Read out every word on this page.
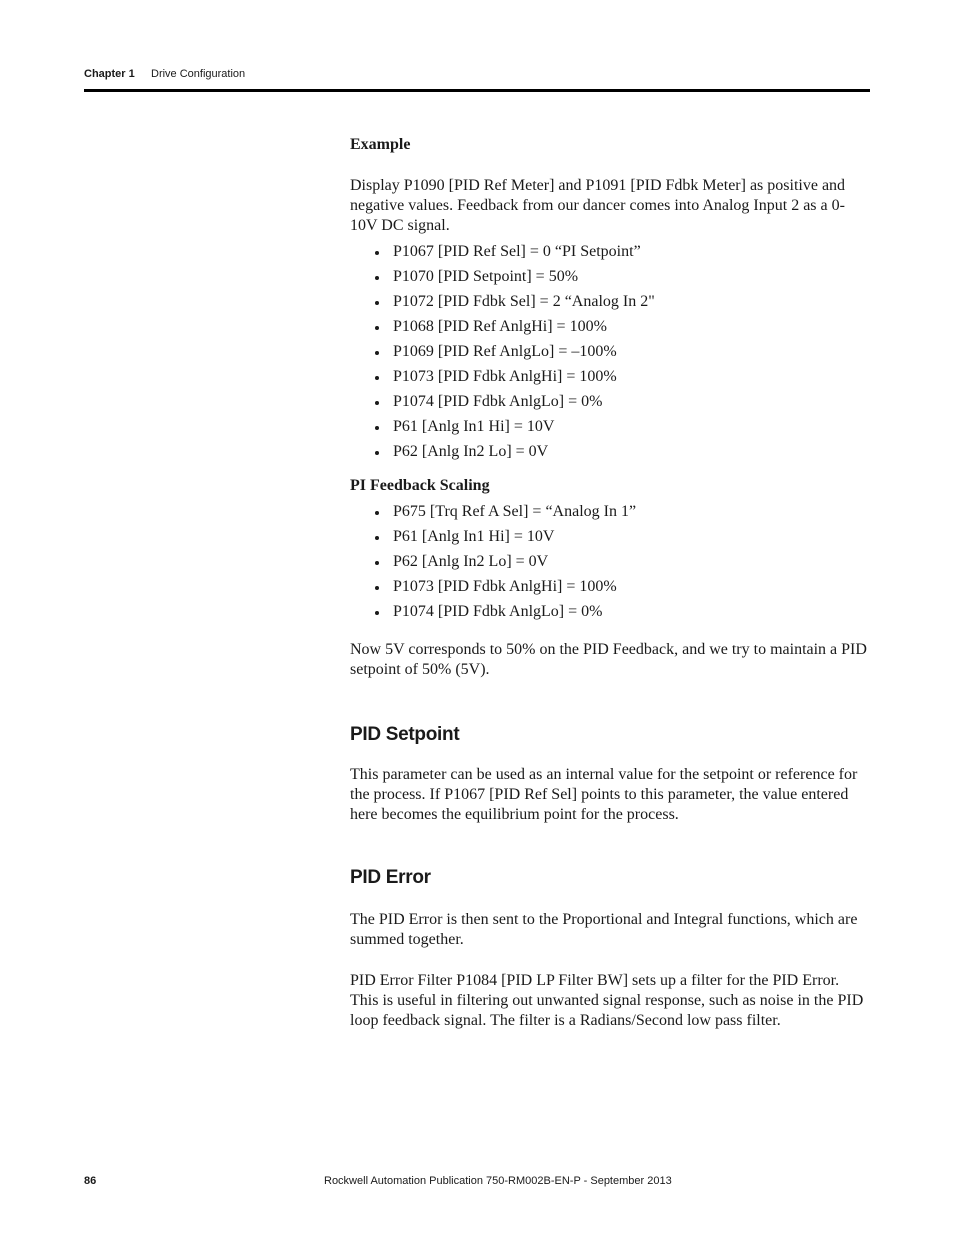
Chapter 1 Drive Configuration

Example

Display P1090 [PID Ref Meter] and P1091 [PID Fdbk Meter] as positive and negative values. Feedback from our dancer comes into Analog Input 2 as a 0-10V DC signal.

P1067 [PID Ref Sel] = 0 “PI Setpoint”
P1070 [PID Setpoint] = 50%
P1072 [PID Fdbk Sel] = 2 “Analog In 2"
P1068 [PID Ref AnlgHi] = 100%
P1069 [PID Ref AnlgLo] = –100%
P1073 [PID Fdbk AnlgHi] = 100%
P1074 [PID Fdbk AnlgLo] = 0%
P61 [Anlg In1 Hi] = 10V
P62 [Anlg In2 Lo] = 0V

PI Feedback Scaling

P675 [Trq Ref A Sel] = “Analog In 1”
P61 [Anlg In1 Hi] = 10V
P62 [Anlg In2 Lo] = 0V
P1073 [PID Fdbk AnlgHi] = 100%
P1074 [PID Fdbk AnlgLo] = 0%

Now 5V corresponds to 50% on the PID Feedback, and we try to maintain a PID setpoint of 50% (5V).

PID Setpoint

This parameter can be used as an internal value for the setpoint or reference for the process. If P1067 [PID Ref Sel] points to this parameter, the value entered here becomes the equilibrium point for the process.

PID Error

The PID Error is then sent to the Proportional and Integral functions, which are summed together.

PID Error Filter P1084 [PID LP Filter BW] sets up a filter for the PID Error. This is useful in filtering out unwanted signal response, such as noise in the PID loop feedback signal. The filter is a Radians/Second low pass filter.

86	Rockwell Automation Publication 750-RM002B-EN-P - September 2013
